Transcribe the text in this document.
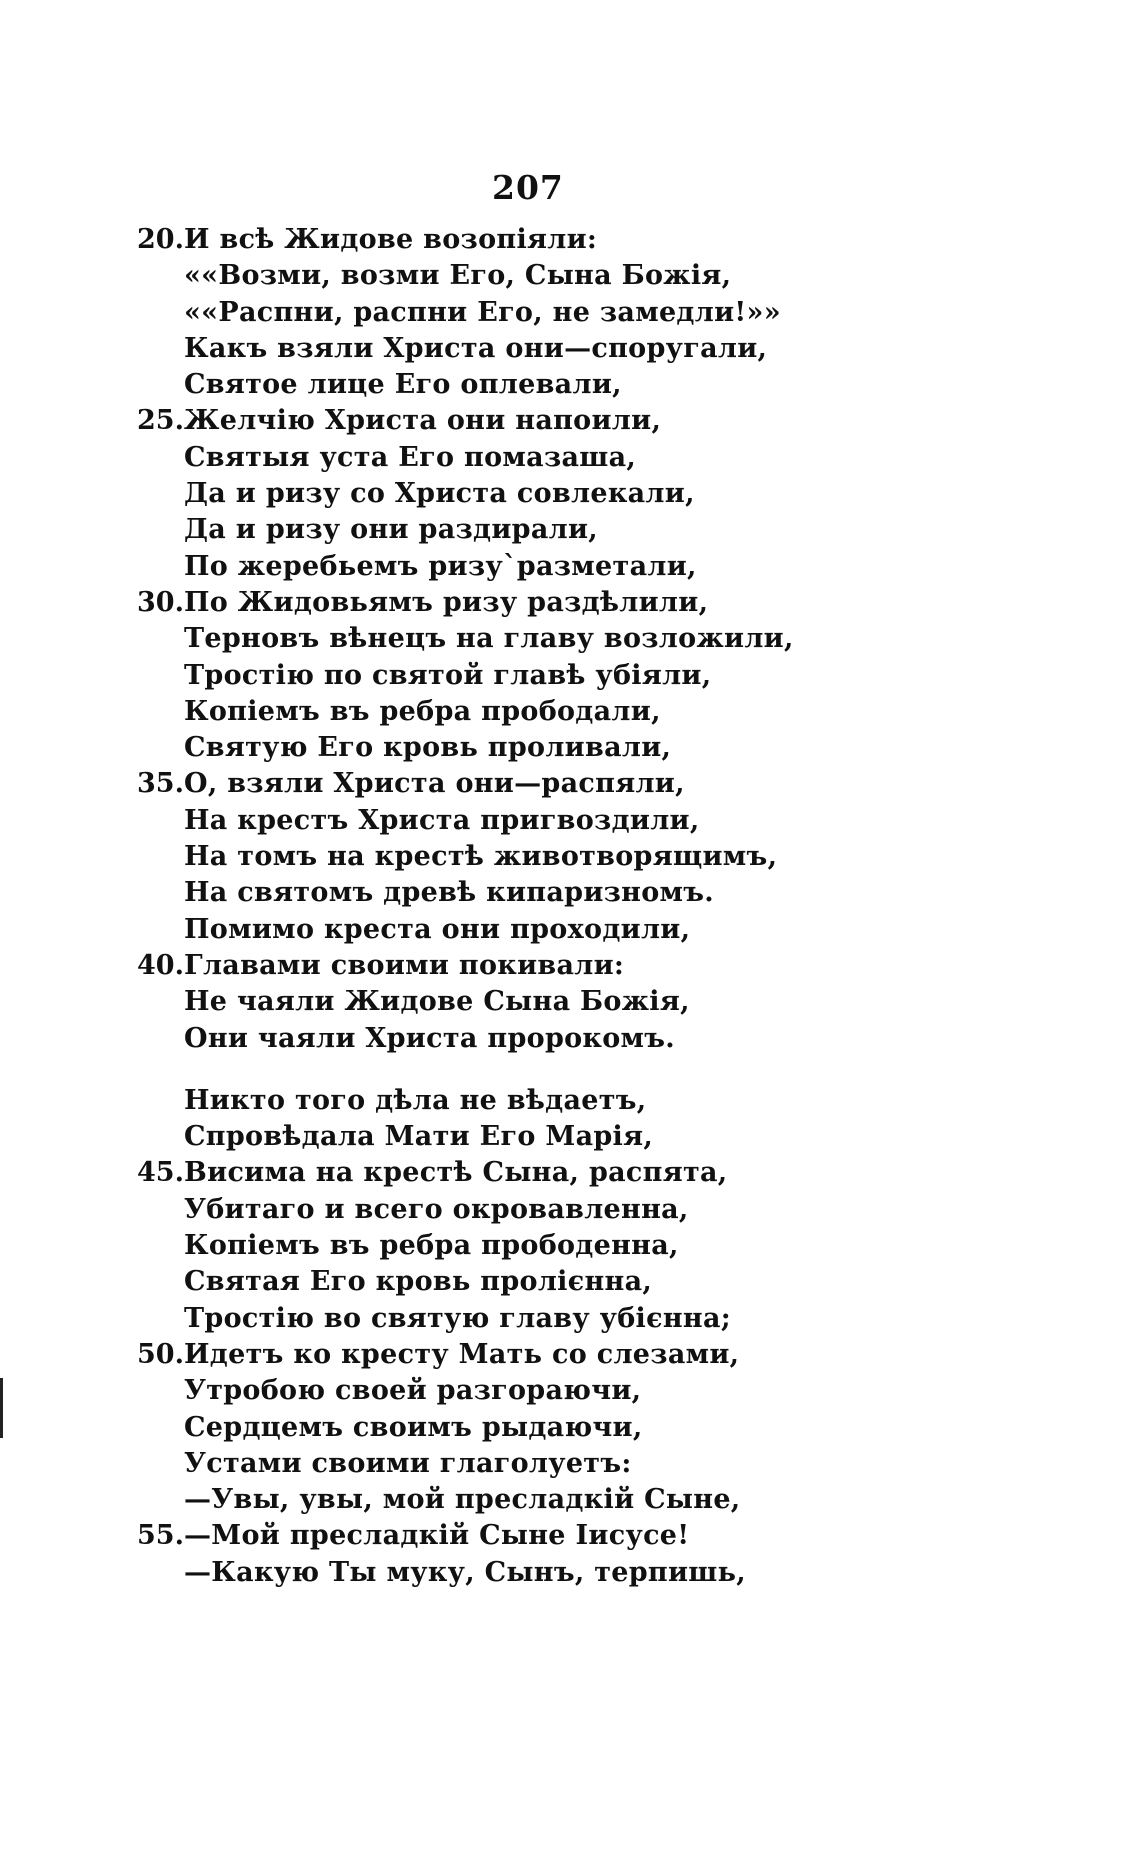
207
20. И всѣ Жидове возопіяли:
««Возми, возми Его, Сына Божія,
««Распни, распни Его, не замедли!»»
Какъ взяли Христа они—споругали,
Святое лице Его оплевали,
25. Желчію Христа они напоили,
Святыя уста Его помазаша,
Да и ризу со Христа совлекали,
Да и ризу они раздирали,
По жеребьемъ ризу`разметали,
30. По Жидовьямъ ризу раздѣлили,
Терновъ вѣнецъ на главу возложили,
Тростію по святой главѣ убіяли,
Копіемъ въ ребра прободали,
Святую Его кровь проливали,
35. О, взяли Христа они—распяли,
На крестъ Христа пригвоздили,
На томъ на крестѣ животворящимъ,
На святомъ древѣ кипаризномъ.
Помимо креста они проходили,
40. Главами своими покивали:
Не чаяли Жидове Сына Божія,
Они чаяли Христа пророкомъ.
Никто того дѣла не вѣдаетъ,
Спровѣдала Мати Его Марія,
45. Висима на крестѣ Сына, распята,
Убитаго и всего окровавленна,
Копіемъ въ ребра прободенна,
Святая Его кровь пролієнна,
Тростію во святую главу убієнна;
50. Идетъ ко кресту Мать со слезами,
Утробою своей разгораючи,
Сердцемъ своимъ рыдаючи,
Устами своими глаголуетъ:
—Увы, увы, мой пресладкій Сыне,
55. —Мой пресладкій Сыне Іисусе!
—Какую Ты муку, Сынъ, терпишь,
